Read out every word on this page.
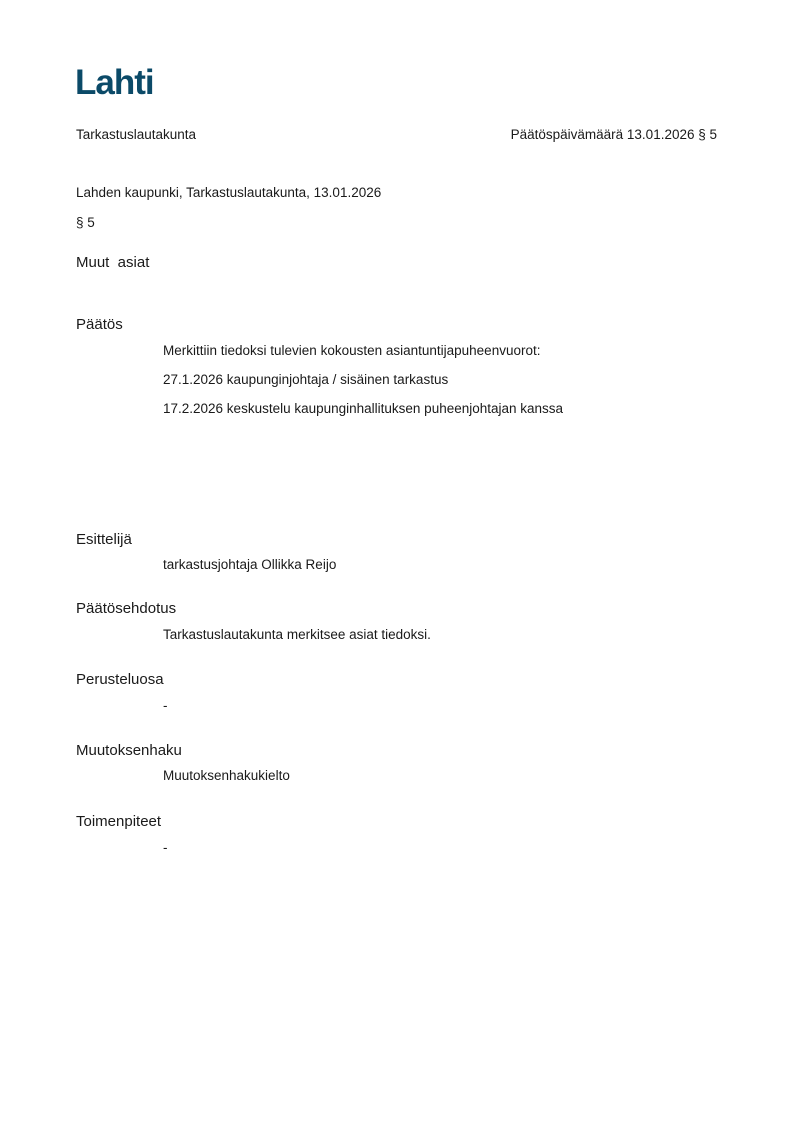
Lahti
Tarkastuslautakunta	Päätöspäivämäärä 13.01.2026 § 5
Lahden kaupunki, Tarkastuslautakunta, 13.01.2026
§ 5
Muut  asiat
Päätös
Merkittiin tiedoksi tulevien kokousten asiantuntijapuheenvuorot:
27.1.2026 kaupunginjohtaja / sisäinen tarkastus
17.2.2026 keskustelu kaupunginhallituksen puheenjohtajan kanssa
Esittelijä
tarkastusjohtaja Ollikka Reijo
Päätösehdotus
Tarkastuslautakunta merkitsee asiat tiedoksi.
Perusteluosa
-
Muutoksenhaku
Muutoksenhakukielto
Toimenpiteet
-
